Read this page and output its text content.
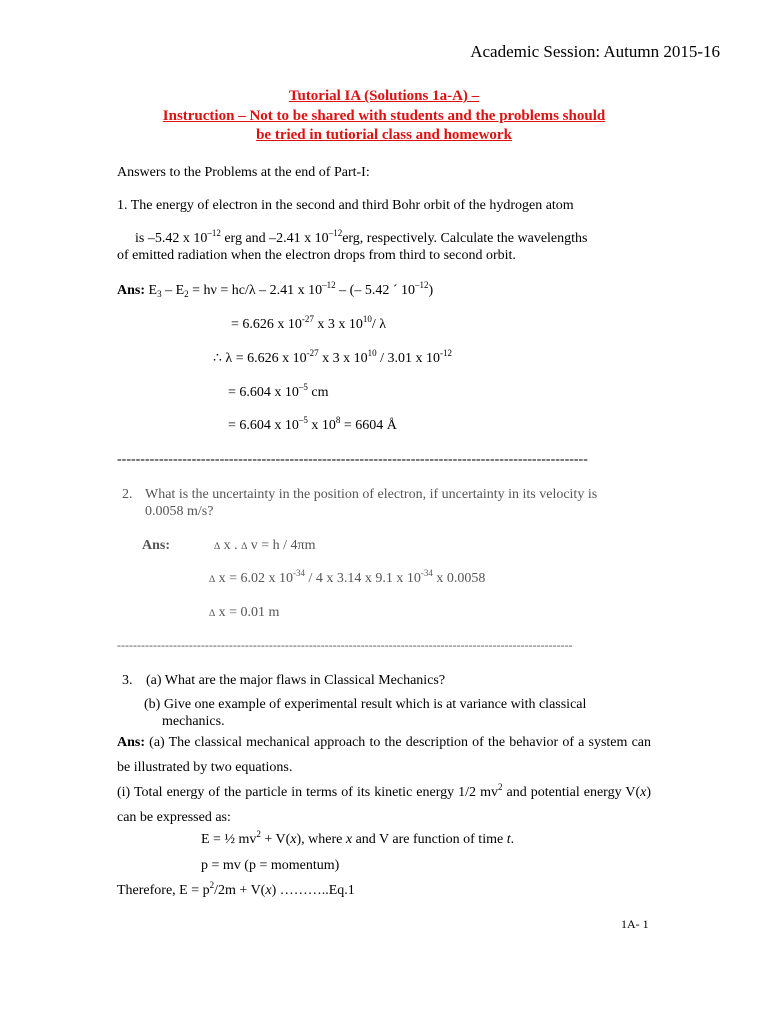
Academic Session: Autumn 2015-16
Tutorial IA (Solutions 1a-A) –
Instruction – Not to be shared with students and the problems should
be tried in tutiorial class and homework
Answers to the Problems at the end of Part-I:
1. The energy of electron in the second and third Bohr orbit of the hydrogen atom
is –5.42 x $10^{-12}$ erg and –2.41 x $10^{-12}erg$, respectively. Calculate the wavelengths
of emitted radiation when the electron drops from third to second orbit.
Ans: $E_3 - E_2 = h\nu = hc/\lambda - 2.41$ x $10^{-12}$ – (– 5.42 ´ $10^{-12}$)
= 6.626 x $10^{-27}$ x 3 x $10^{10}/$ λ
∴ λ = 6.626 x $10^{-27}$ x 3 x $10^{10} / 3.01$ x $10^{-12}$
= 6.604 x $10^{-5}$ cm
= 6.604 x $10^{-5}$ x $10^8 = 6604$ Å
-----------------------------------------------------------------------------------------------------
2. What is the uncertainty in the position of electron, if uncertainty in its velocity is
0.0058 m/s?
Ans:	∆ x . ∆ v = h / 4πm
∆ x = 6.02 x $10^{-34} / 4$ x 3.14 x 9.1 x $10^{-34}$ x 0.0058
∆ x = 0.01 m
------------------------------------------------------------------------------------------------------------------
3. (a) What are the major flaws in Classical Mechanics?
(b) Give one example of experimental result which is at variance with classical
mechanics.
Ans: (a) The classical mechanical approach to the description of the behavior of a system can be illustrated by two equations.
(i) Total energy of the particle in terms of its kinetic energy 1/2 $mv^2$ and potential energy V(x) can be expressed as:
E = ½ $mv^2 + V(x)$, where x and V are function of time t.
p = mv (p = momentum)
Therefore, $E = p^2/2m + V(x)$ ………..Eq.1
1A- 1
